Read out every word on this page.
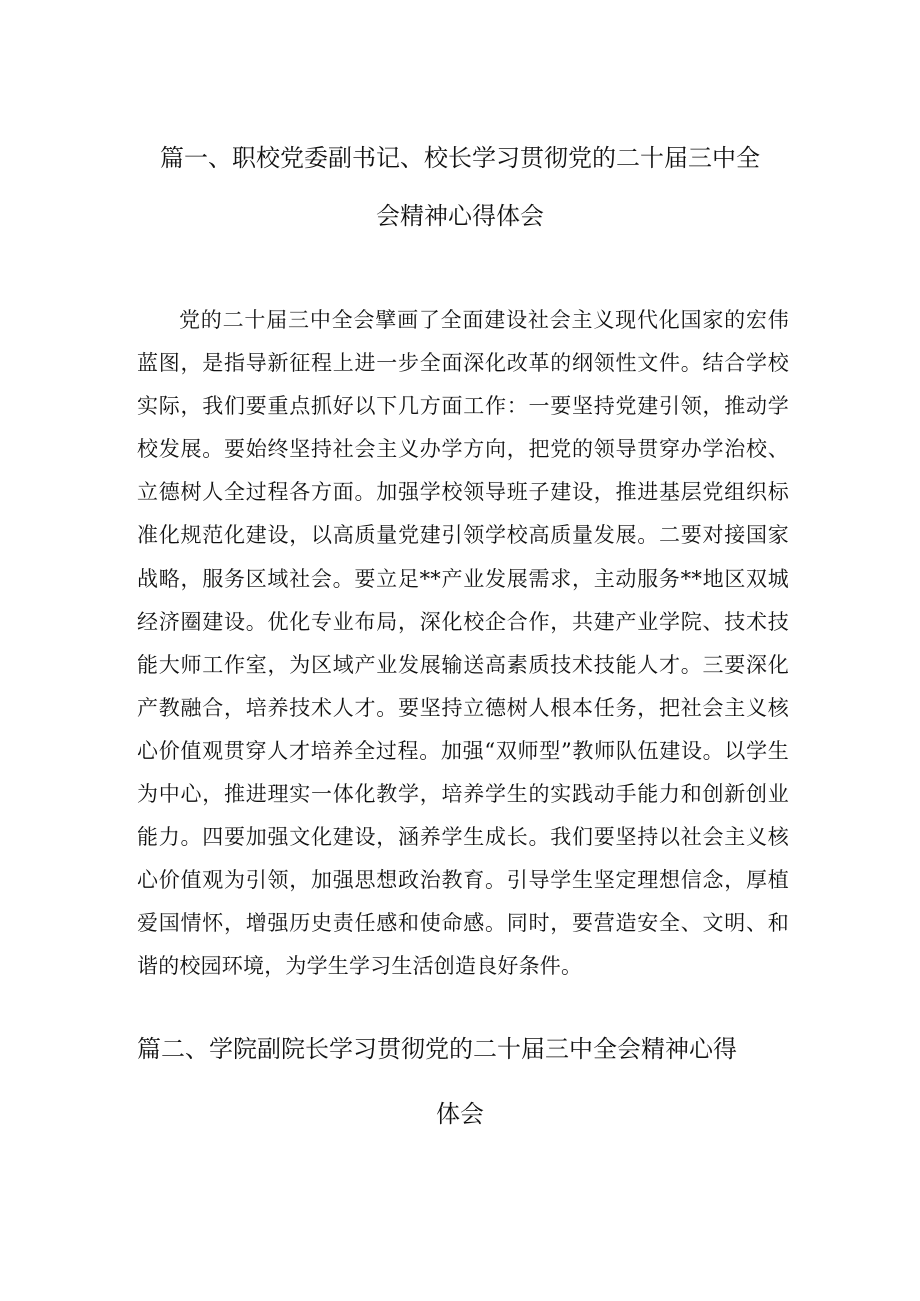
篇一、职校党委副书记、校长学习贯彻党的二十届三中全
会精神心得体会

党的二十届三中全会擘画了全面建设社会主义现代化国家的宏伟蓝图，是指导新征程上进一步全面深化改革的纲领性文件。结合学校实际，我们要重点抓好以下几方面工作：一要坚持党建引领，推动学校发展。要始终坚持社会主义办学方向，把党的领导贯穿办学治校、立德树人全过程各方面。加强学校领导班子建设，推进基层党组织标准化规范化建设，以高质量党建引领学校高质量发展。二要对接国家战略，服务区域社会。要立足**产业发展需求，主动服务**地区双城经济圈建设。优化专业布局，深化校企合作，共建产业学院、技术技能大师工作室，为区域产业发展输送高素质技术技能人才。三要深化产教融合，培养技术人才。要坚持立德树人根本任务，把社会主义核心价值观贯穿人才培养全过程。加强“双师型”教师队伍建设。以学生为中心，推进理实一体化教学，培养学生的实践动手能力和创新创业能力。四要加强文化建设，涵养学生成长。我们要坚持以社会主义核心价值观为引领，加强思想政治教育。引导学生坚定理想信念，厚植爱国情怀，增强历史责任感和使命感。同时，要营造安全、文明、和谐的校园环境，为学生学习生活创造良好条件。

篇二、学院副院长学习贯彻党的二十届三中全会精神心得
体会
